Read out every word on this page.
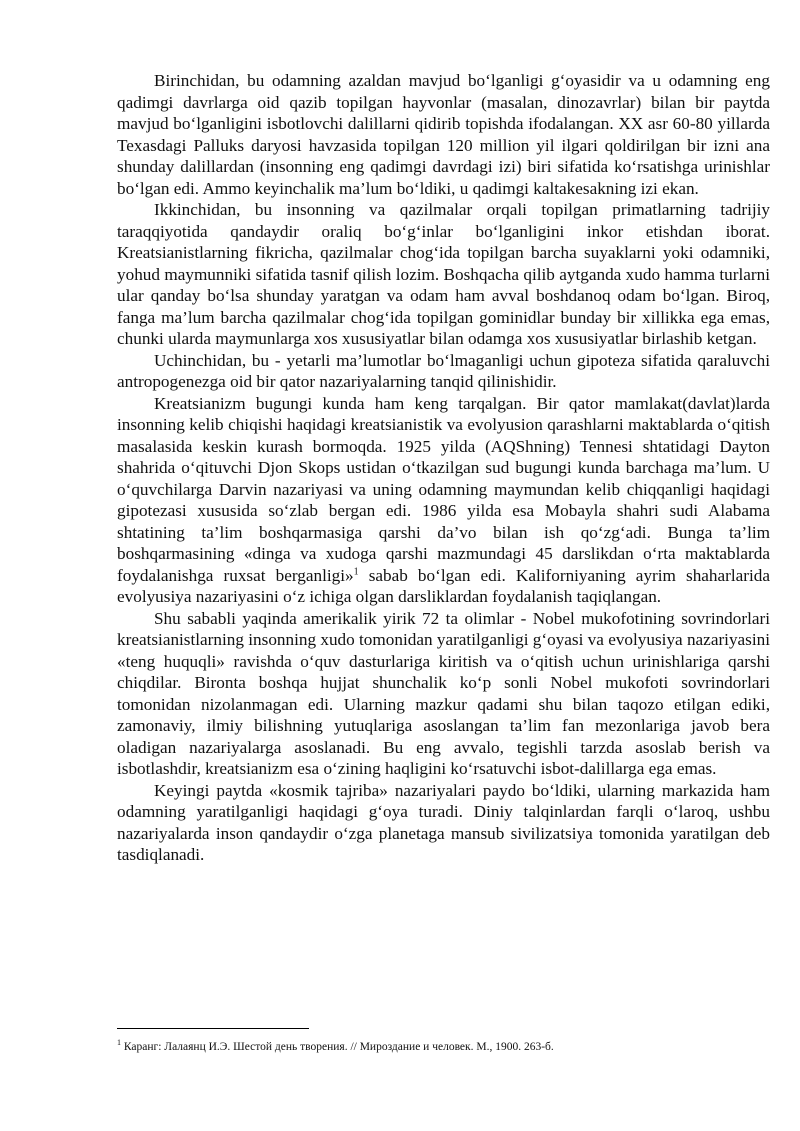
Birinchidan, bu odamning azaldan mavjud bo‘lganligi g‘oyasidir va u odamning eng qadimgi davrlarga oid qazib topilgan hayvonlar (masalan, dinozavrlar) bilan bir paytda mavjud bo‘lganligini isbotlovchi dalillarni qidirib topishda ifodalangan. XX asr 60-80 yillarda Texasdagi Palluks daryosi havzasida topilgan 120 million yil ilgari qoldirilgan bir izni ana shunday dalillardan (insonning eng qadimgi davrdagi izi) biri sifatida ko‘rsatishga urinishlar bo‘lgan edi. Ammo keyinchalik ma’lum bo‘ldiki, u qadimgi kaltakesakning izi ekan.

Ikkinchidan, bu insonning va qazilmalar orqali topilgan primatlarning tadrijiy taraqqiyotida qandaydir oraliq bo‘g‘inlar bo‘lganligini inkor etishdan iborat. Kreatsianistlarning fikricha, qazilmalar chog‘ida topilgan barcha suyaklarni yoki odamniki, yohud maymunniki sifatida tasnif qilish lozim. Boshqacha qilib aytganda xudo hamma turlarni ular qanday bo‘lsa shunday yaratgan va odam ham avval boshdanoq odam bo‘lgan. Biroq, fanga ma’lum barcha qazilmalar chog‘ida topilgan gominidlar bunday bir xillikka ega emas, chunki ularda maymunlarga xos xususiyatlar bilan odamga xos xususiyatlar birlashib ketgan.

Uchinchidan, bu - yetarli ma’lumotlar bo‘lmaganligi uchun gipoteza sifatida qaraluvchi antropogenezga oid bir qator nazariyalarning tanqid qilinishidir.

Kreatsianizm bugungi kunda ham keng tarqalgan. Bir qator mamlakat(davlat)larda insonning kelib chiqishi haqidagi kreatsianistik va evolyusion qarashlarni maktablarda o‘qitish masalasida keskin kurash bormoqda. 1925 yilda (AQShning) Tennesi shtatidagi Dayton shahrida o‘qituvchi Djon Skops ustidan o‘tkazilgan sud bugungi kunda barchaga ma’lum. U o‘quvchilarga Darvin nazariyasi va uning odamning maymundan kelib chiqqanligi haqidagi gipotezasi xususida so‘zlab bergan edi. 1986 yilda esa Mobayla shahri sudi Alabama shtatining ta’lim boshqarmasiga qarshi da’vo bilan ish qo‘zg‘adi. Bunga ta’lim boshqarmasining «dinga va xudoga qarshi mazmundagi 45 darslikdan o‘rta maktablarda foydalanishga ruxsat berganligi»$^1$ sabab bo‘lgan edi. Kaliforniyaning ayrim shaharlarida evolyusiya nazariyasini o‘z ichiga olgan darsliklardan foydalanish taqiqlangan.

Shu sababli yaqinda amerikalik yirik 72 ta olimlar - Nobel mukofotining sovrindorlari kreatsianistlarning insonning xudo tomonidan yaratilganligi g‘oyasi va evolyusiya nazariyasini «teng huquqli» ravishda o‘quv dasturlariga kiritish va o‘qitish uchun urinishlariga qarshi chiqdilar. Bironta boshqa hujjat shunchalik ko‘p sonli Nobel mukofoti sovrindorlari tomonidan nizolanmagan edi. Ularning mazkur qadami shu bilan taqozo etilgan ediki, zamonaviy, ilmiy bilishning yutuqlariga asoslangan ta’lim fan mezonlariga javob bera oladigan nazariyalarga asoslanadi. Bu eng avvalo, tegishli tarzda asoslab berish va isbotlashdir, kreatsianizm esa o‘zining haqligini ko‘rsatuvchi isbot-dalillarga ega emas.

Keyingi paytda «kosmik tajriba» nazariyalari paydo bo‘ldiki, ularning markazida ham odamning yaratilganligi haqidagi g‘oya turadi. Diniy talqinlardan farqli o‘laroq, ushbu nazariyalarda inson qandaydir o‘zga planetaga mansub sivilizatsiya tomonida yaratilgan deb tasdiqlanadi.

$^1$ Каранг: Лалаянц И.Э. Шестой день творения. // Мироздание и человек. М., 1900. 263-б.
